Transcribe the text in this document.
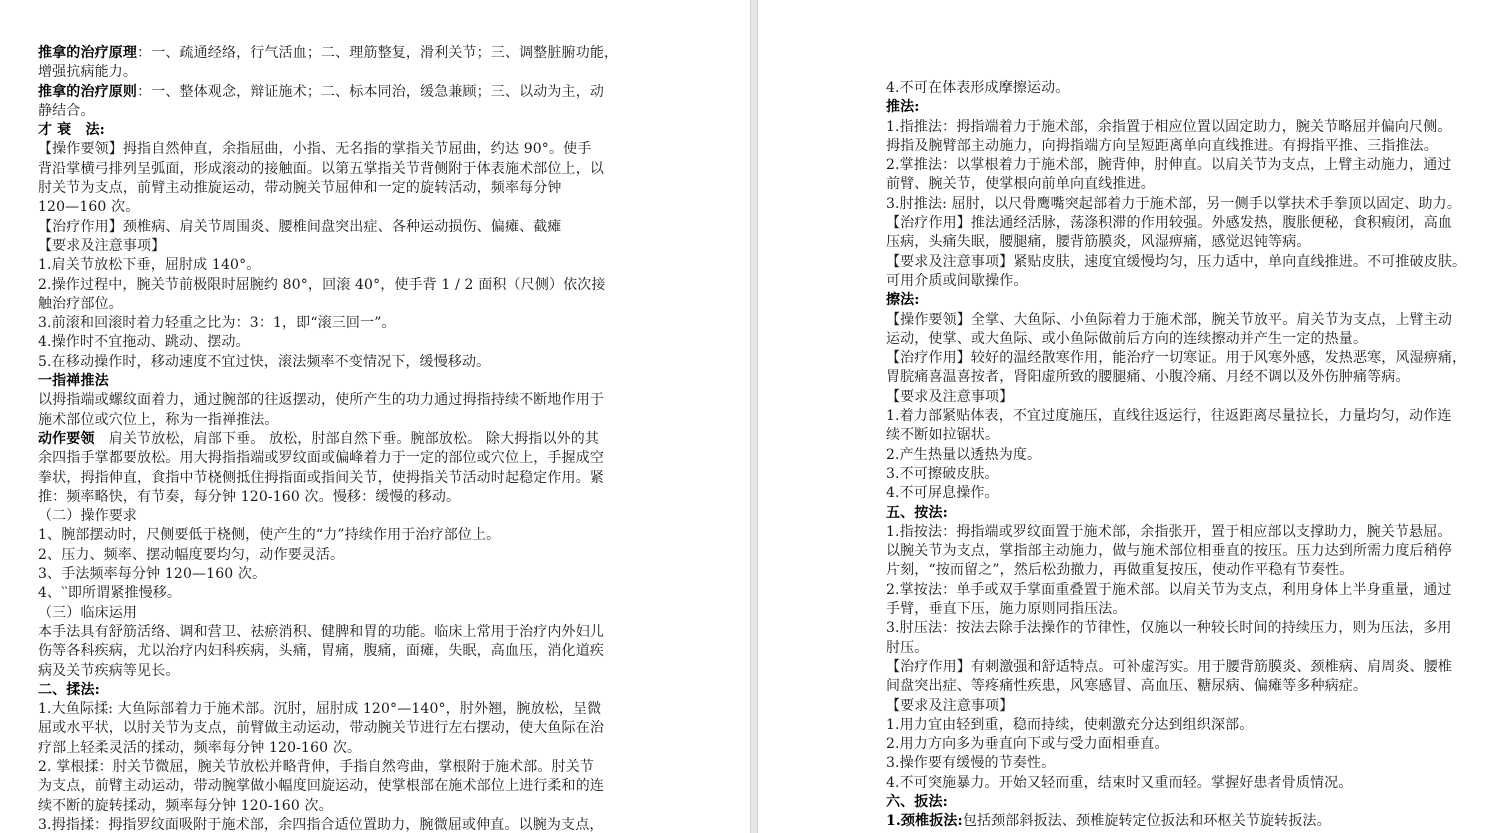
推拿的治疗原理：一、疏通经络，行气活血；二、理筋整复，滑利关节；三、调整脏腑功能，
增强抗病能力。
推拿的治疗原则：一、整体观念，辩证施术；二、标本同治，缓急兼顾；三、以动为主，动
静结合。
才 衰　法:
【操作要领】拇指自然伸直，余指屈曲，小指、无名指的掌指关节屈曲，约达 90°。使手
背沿掌横弓排列呈弧面，形成滚动的接触面。以第五掌指关节背侧附于体表施术部位上，以
肘关节为支点，前臂主动推旋运动，带动腕关节屈伸和一定的旋转活动，频率每分钟
120—160 次。
【治疗作用】颈椎病、肩关节周围炎、腰椎间盘突出症、各种运动损伤、偏瘫、截瘫
【要求及注意事项】
1.肩关节放松下垂，屈肘成 140°。
2.操作过程中，腕关节前极限时屈腕约 80°，回滚 40°，使手背 1 / 2 面积（尺侧）依次接
触治疗部位。
3.前滚和回滚时着力轻重之比为：3：1，即“滚三回一”。
4.操作时不宜拖动、跳动、摆动。
5.在移动操作时，移动速度不宜过快，滚法频率不变情况下，缓慢移动。
一指禅推法
以拇指端或螺纹面着力，通过腕部的往返摆动，使所产生的功力通过拇指持续不断地作用于
施术部位或穴位上，称为一指禅推法。
动作要领　肩关节放松，肩部下垂。 放松，肘部自然下垂。腕部放松。 除大拇指以外的其
余四指手掌都要放松。用大拇指指端或罗纹面或偏峰着力于一定的部位或穴位上，手握成空
拳状，拇指伸直，食指中节桡侧抵住拇指面或指间关节，使拇指关节活动时起稳定作用。紧
推：频率略快，有节奏，每分钟 120-160 次。慢移：缓慢的移动。
（二）操作要求
1、腕部摆动时，尺侧要低于桡侧，使产生的“力”持续作用于治疗部位上。
2、压力、频率、摆动幅度要均匀，动作要灵活。
3、手法频率每分钟 120—160 次。
4、‵‵即所谓紧推慢移。
（三）临床运用
本手法具有舒筋活络、调和营卫、祛瘀消积、健脾和胃的功能。临床上常用于治疗内外妇儿
伤等各科疾病，尤以治疗内妇科疾病，头痛，胃痛，腹痛，面瘫，失眠，高血压，消化道疾
病及关节疾病等见长。
二、揉法:
1.大鱼际揉: 大鱼际部着力于施术部。沉肘，屈肘成 120°—140°，肘外翘，腕放松，呈微
屈或水平状，以肘关节为支点，前臂做主动运动，带动腕关节进行左右摆动，使大鱼际在治
疗部上轻柔灵活的揉动，频率每分钟 120-160 次。
2. 掌根揉：肘关节微屈，腕关节放松并略背伸，手指自然弯曲，掌根附于施术部。肘关节
为支点，前臂主动运动，带动腕掌做小幅度回旋运动，使掌根部在施术部位上进行柔和的连
续不断的旋转揉动，频率每分钟 120-160 次。
3.拇指揉：拇指罗纹面吸附于施术部，余四指合适位置助力，腕微屈或伸直。以腕为支点，
4.不可在体表形成摩擦运动。
推法:
1.指推法：拇指端着力于施术部，余指置于相应位置以固定助力，腕关节略屈并偏向尺侧。
拇指及腕臂部主动施力，向拇指端方向呈短距离单向直线推进。有拇指平推、三指推法。
2.掌推法：以掌根着力于施术部，腕背伸，肘伸直。以肩关节为支点，上臂主动施力，通过
前臂、腕关节，使掌根向前单向直线推进。
3.肘推法: 屈肘，以尺骨鹰嘴突起部着力于施术部，另一侧手以掌扶术手拳顶以固定、助力。
【治疗作用】推法通经活脉，荡涤积滞的作用较强。外感发热，腹胀便秘，食积瘕闭，高血
压病，头痛失眠，腰腿痛，腰背筋膜炎，风湿痹痛，感觉迟钝等病。
【要求及注意事项】紧贴皮肤，速度宜缓慢均匀，压力适中，单向直线推进。不可推破皮肤。
可用介质或间歇操作。
擦法:
【操作要领】全掌、大鱼际、小鱼际着力于施术部，腕关节放平。肩关节为支点，上臂主动
运动，使掌、或大鱼际、或小鱼际做前后方向的连续擦动并产生一定的热量。
【治疗作用】较好的温经散寒作用，能治疗一切寒证。用于风寒外感，发热恶寒，风湿痹痛，
胃脘痛喜温喜按者，肾阳虚所致的腰腿痛、小腹冷痛、月经不调以及外伤肿痛等病。
【要求及注意事项】
1.着力部紧贴体表，不宜过度施压，直线往返运行，往返距离尽量拉长，力量均匀，动作连
续不断如拉锯状。
2.产生热量以透热为度。
3.不可擦破皮肤。
4.不可屏息操作。
五、按法:
1.指按法：拇指端或罗纹面置于施术部，余指张开，置于相应部以支撑助力，腕关节悬屈。
以腕关节为支点，掌指部主动施力，做与施术部位相垂直的按压。压力达到所需力度后稍停
片刻，“按而留之”，然后松劲撤力，再做重复按压，使动作平稳有节奏性。
2.掌按法：单手或双手掌面重叠置于施术部。以肩关节为支点，利用身体上半身重量，通过
手臂，垂直下压，施力原则同指压法。
3.肘压法：按法去除手法操作的节律性，仅施以一种较长时间的持续压力，则为压法，多用
肘压。
【治疗作用】有刺激强和舒适特点。可补虚泻实。用于腰背筋膜炎、颈椎病、肩周炎、腰椎
间盘突出症、等疼痛性疾患，风寒感冒、高血压、糖尿病、偏瘫等多种病症。
【要求及注意事项】
1.用力宜由轻到重，稳而持续，使刺激充分达到组织深部。
2.用力方向多为垂直向下或与受力面相垂直。
3.操作要有缓慢的节奏性。
4.不可突施暴力。开始又轻而重，结束时又重而轻。掌握好患者骨质情况。
六、扳法:
1.颈椎扳法:包括颈部斜扳法、颈椎旋转定位扳法和环枢关节旋转扳法。
